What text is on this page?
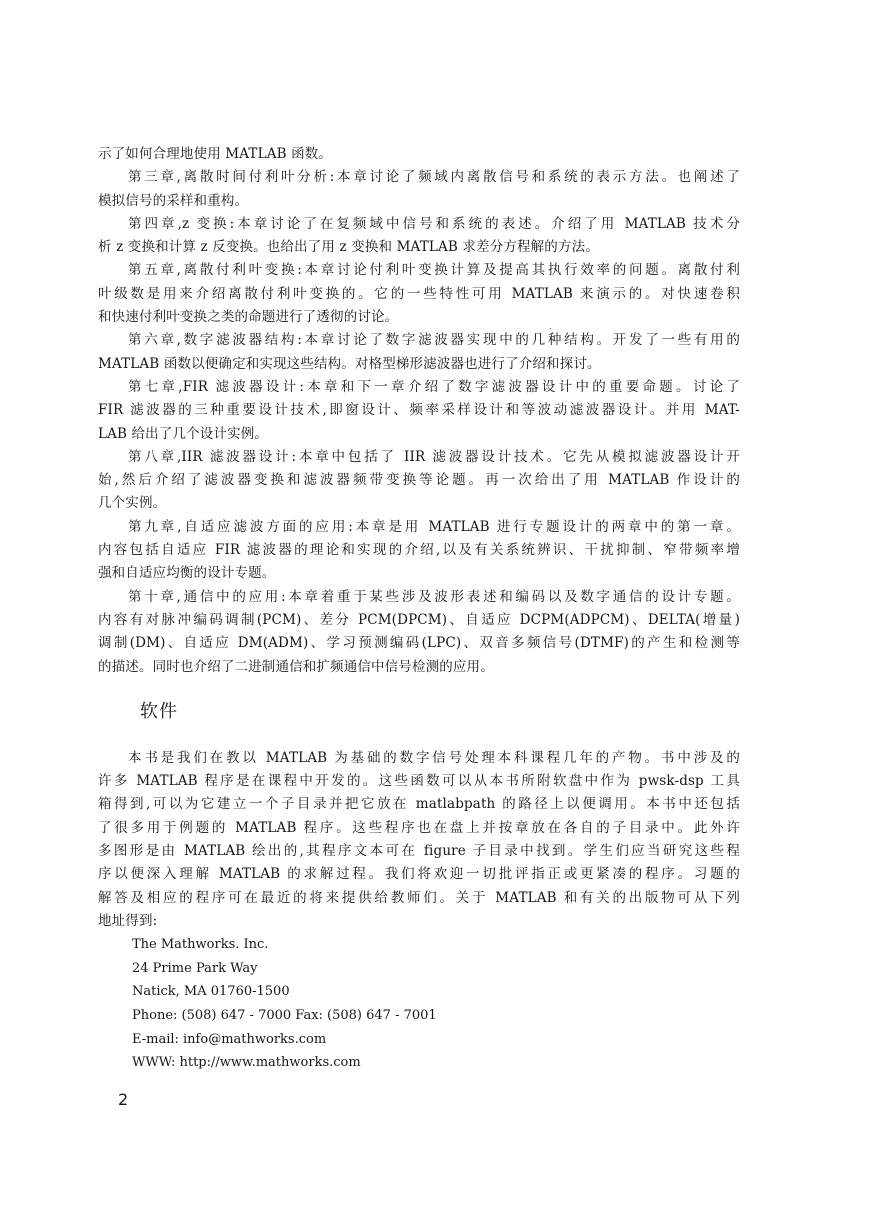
示了如何合理地使用 MATLAB 函数。
第三章,离散时间付利叶分析:本章讨论了频域内离散信号和系统的表示方法。也阐述了
模拟信号的采样和重构。
第四章,z 变换:本章讨论了在复频域中信号和系统的表述。介绍了用 MATLAB 技术分
析 z 变换和计算 z 反变换。也给出了用 z 变换和 MATLAB 求差分方程解的方法。
第五章,离散付利叶变换:本章讨论付利叶变换计算及提高其执行效率的问题。离散付利
叶级数是用来介绍离散付利叶变换的。它的一些特性可用 MATLAB 来演示的。对快速卷积
和快速付利叶变换之类的命题进行了透彻的讨论。
第六章,数字滤波器结构:本章讨论了数字滤波器实现中的几种结构。开发了一些有用的
MATLAB 函数以便确定和实现这些结构。对格型梯形滤波器也进行了介绍和探讨。
第七章,FIR 滤波器设计:本章和下一章介绍了数字滤波器设计中的重要命题。讨论了
FIR 滤波器的三种重要设计技术,即窗设计、频率采样设计和等波动滤波器设计。并用 MAT-
LAB 给出了几个设计实例。
第八章,IIR 滤波器设计:本章中包括了 IIR 滤波器设计技术。它先从模拟滤波器设计开
始,然后介绍了滤波器变换和滤波器频带变换等论题。再一次给出了用 MATLAB 作设计的
几个实例。
第九章,自适应滤波方面的应用:本章是用 MATLAB 进行专题设计的两章中的第一章。
内容包括自适应 FIR 滤波器的理论和实现的介绍,以及有关系统辨识、干扰抑制、窄带频率增
强和自适应均衡的设计专题。
第十章,通信中的应用:本章着重于某些涉及波形表述和编码以及数字通信的设计专题。
内容有对脉冲编码调制(PCM)、差分 PCM(DPCM)、自适应 DCPM(ADPCM)、DELTA(增量)
调制(DM)、自适应 DM(ADM)、学习预测编码(LPC)、双音多频信号(DTMF)的产生和检测等
的描述。同时也介绍了二进制通信和扩频通信中信号检测的应用。
软件
本书是我们在教以 MATLAB 为基础的数字信号处理本科课程几年的产物。书中涉及的
许多 MATLAB 程序是在课程中开发的。这些函数可以从本书所附软盘中作为 pwsk-dsp 工具
箱得到,可以为它建立一个子目录并把它放在 matlabpath 的路径上以便调用。本书中还包括
了很多用于例题的 MATLAB 程序。这些程序也在盘上并按章放在各自的子目录中。此外许
多图形是由 MATLAB 绘出的,其程序文本可在 figure 子目录中找到。学生们应当研究这些程
序以便深入理解 MATLAB 的求解过程。我们将欢迎一切批评指正或更紧凑的程序。习题的
解答及相应的程序可在最近的将来提供给教师们。关于 MATLAB 和有关的出版物可从下列
地址得到:
The Mathworks. Inc.
24 Prime Park Way
Natick, MA 01760-1500
Phone: (508) 647 - 7000 Fax: (508) 647 - 7001
E-mail: info@mathworks.com
WWW: http://www.mathworks.com
2
